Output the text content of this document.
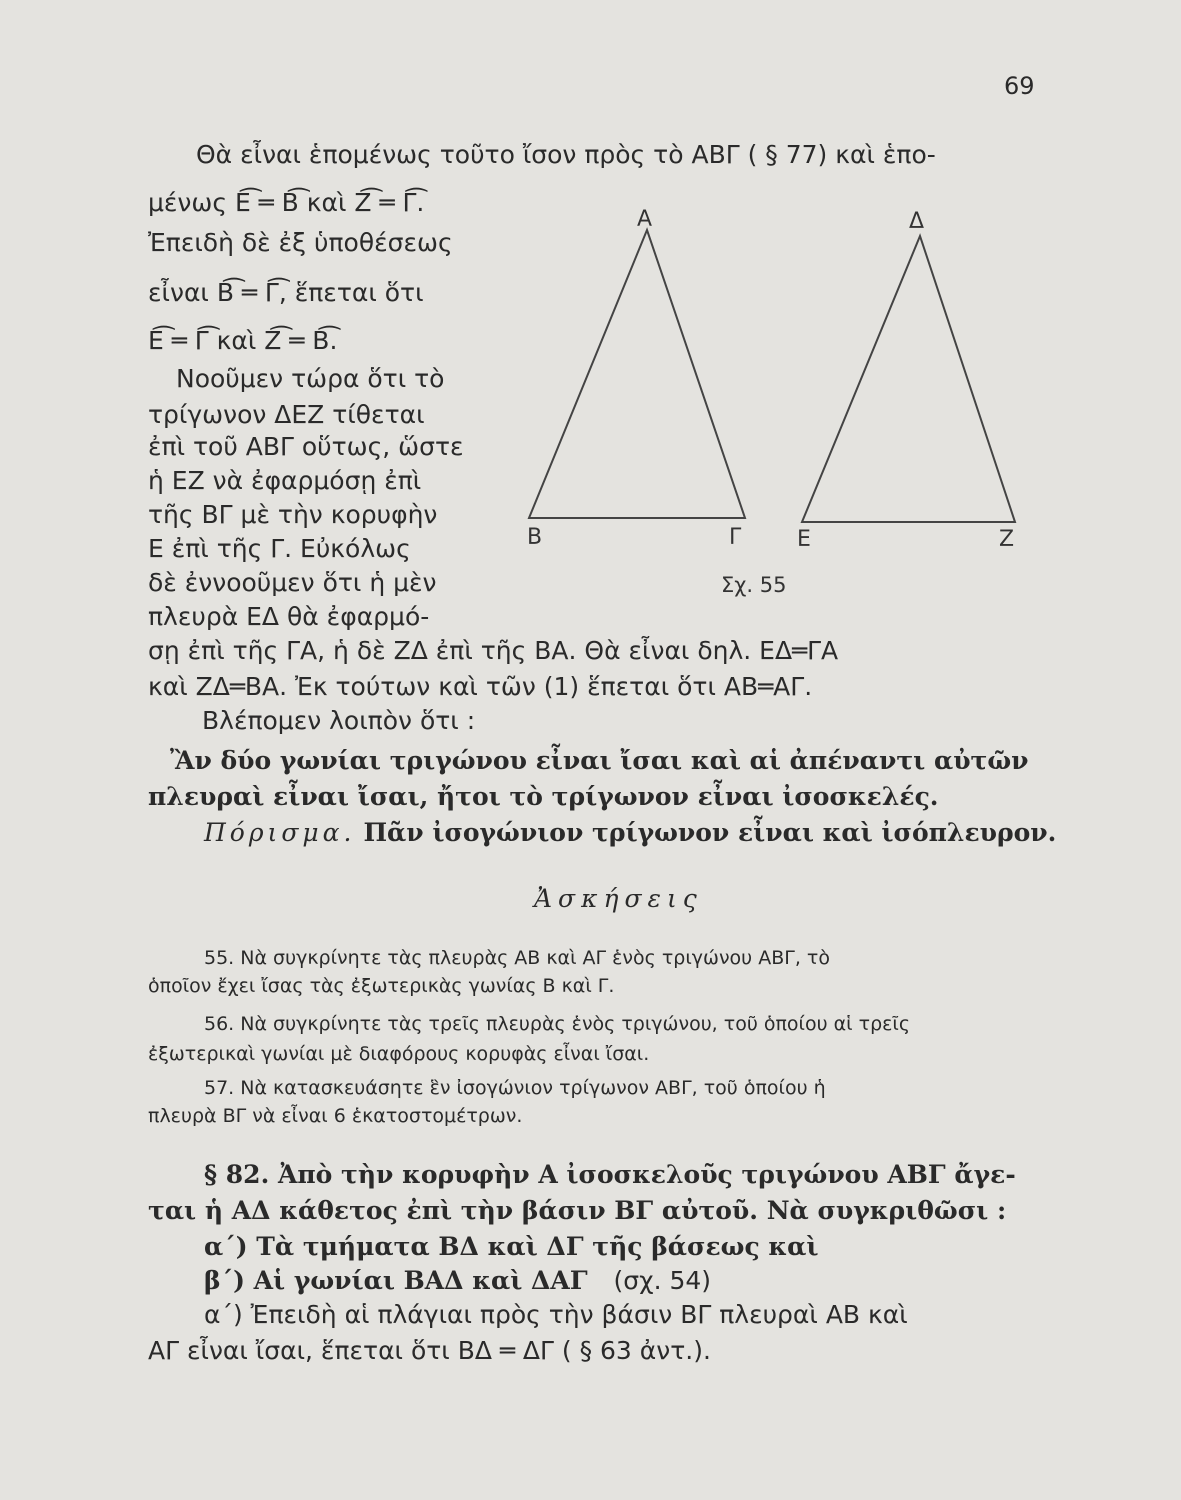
69
Θὰ εἶναι ἑπομένως τοῦτο ἴσον πρὸς τὸ ΑΒΓ ( § 77) καὶ ἑπο-
μένως Ε͡ ═ Β͡ καὶ Ζ͡ ═ Γ͡.
Ἐπειδὴ δὲ ἐξ ὑποθέσεως
εἶναι Β͡ ═ Γ͡, ἕπεται ὅτι
Ε͡ ═ Γ͡ καὶ Ζ͡ ═ Β͡.
Νοοῦμεν τώρα ὅτι τὸ
τρίγωνον ΔΕΖ τίθεται
ἐπὶ τοῦ ΑΒΓ οὕτως, ὥστε
ἡ ΕΖ νὰ ἐφαρμόσῃ ἐπὶ
τῆς ΒΓ μὲ τὴν κορυφὴν
Ε ἐπὶ τῆς Γ. Εὐκόλως
δὲ ἐννοοῦμεν ὅτι ἡ μὲν
πλευρὰ ΕΔ θὰ ἐφαρμό-
σῃ ἐπὶ τῆς ΓΑ, ἡ δὲ ΖΔ ἐπὶ τῆς ΒΑ. Θὰ εἶναι δηλ. ΕΔ═ΓΑ
καὶ ΖΔ═ΒΑ. Ἐκ τούτων καὶ τῶν (1) ἕπεται ὅτι ΑΒ═ΑΓ.
Βλέπομεν λοιπὸν ὅτι :
Ἂν δύο γωνίαι τριγώνου εἶναι ἴσαι καὶ αἱ ἀπέναντι αὐτῶν
πλευραὶ εἶναι ἴσαι, ἤτοι τὸ τρίγωνον εἶναι ἰσοσκελές.
Πόρισμα. Πᾶν ἰσογώνιον τρίγωνον εἶναι καὶ ἰσόπλευρον.
Ἀσκήσεις
55. Νὰ συγκρίνητε τὰς πλευρὰς ΑΒ καὶ ΑΓ ἑνὸς τριγώνου ΑΒΓ, τὸ
ὁποῖον ἔχει ἴσας τὰς ἐξωτερικὰς γωνίας Β καὶ Γ.
56. Νὰ συγκρίνητε τὰς τρεῖς πλευρὰς ἑνὸς τριγώνου, τοῦ ὁποίου αἱ τρεῖς
ἐξωτερικαὶ γωνίαι μὲ διαφόρους κορυφὰς εἶναι ἴσαι.
57. Νὰ κατασκευάσητε ἓν ἰσογώνιον τρίγωνον ΑΒΓ, τοῦ ὁποίου ἡ
πλευρὰ ΒΓ νὰ εἶναι 6 ἑκατοστομέτρων.
§ 82. Ἀπὸ τὴν κορυφὴν Α ἰσοσκελοῦς τριγώνου ΑΒΓ ἄγε-
ται ἡ ΑΔ κάθετος ἐπὶ τὴν βάσιν ΒΓ αὐτοῦ. Νὰ συγκριθῶσι :
α΄) Τὰ τμήματα ΒΔ καὶ ΔΓ τῆς βάσεως καὶ
β΄) Αἱ γωνίαι ΒΑΔ καὶ ΔΑΓ (σχ. 54)
α΄) Ἐπειδὴ αἱ πλάγιαι πρὸς τὴν βάσιν ΒΓ πλευραὶ ΑΒ καὶ
ΑΓ εἶναι ἴσαι, ἕπεται ὅτι ΒΔ ═ ΔΓ ( § 63 ἀντ.).
Α
Β	Γ
Δ
Ε	Ζ
Σχ. 55
